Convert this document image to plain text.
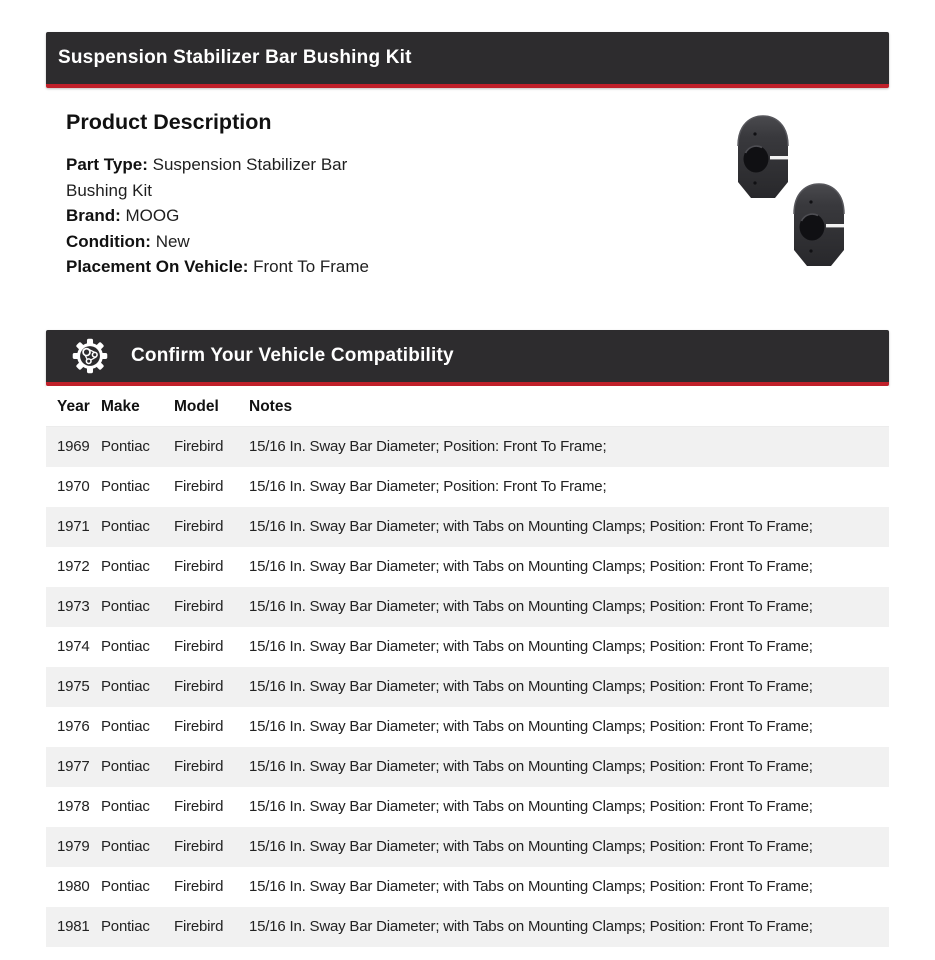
Suspension Stabilizer Bar Bushing Kit
Product Description
Part Type: Suspension Stabilizer Bar Bushing Kit
Brand: MOOG
Condition: New
Placement On Vehicle: Front To Frame
Confirm Your Vehicle Compatibility
Year	Make	Model	Notes
1969	Pontiac	Firebird	15/16 In. Sway Bar Diameter; Position: Front To Frame;
1970	Pontiac	Firebird	15/16 In. Sway Bar Diameter; Position: Front To Frame;
1971	Pontiac	Firebird	15/16 In. Sway Bar Diameter; with Tabs on Mounting Clamps; Position: Front To Frame;
1972	Pontiac	Firebird	15/16 In. Sway Bar Diameter; with Tabs on Mounting Clamps; Position: Front To Frame;
1973	Pontiac	Firebird	15/16 In. Sway Bar Diameter; with Tabs on Mounting Clamps; Position: Front To Frame;
1974	Pontiac	Firebird	15/16 In. Sway Bar Diameter; with Tabs on Mounting Clamps; Position: Front To Frame;
1975	Pontiac	Firebird	15/16 In. Sway Bar Diameter; with Tabs on Mounting Clamps; Position: Front To Frame;
1976	Pontiac	Firebird	15/16 In. Sway Bar Diameter; with Tabs on Mounting Clamps; Position: Front To Frame;
1977	Pontiac	Firebird	15/16 In. Sway Bar Diameter; with Tabs on Mounting Clamps; Position: Front To Frame;
1978	Pontiac	Firebird	15/16 In. Sway Bar Diameter; with Tabs on Mounting Clamps; Position: Front To Frame;
1979	Pontiac	Firebird	15/16 In. Sway Bar Diameter; with Tabs on Mounting Clamps; Position: Front To Frame;
1980	Pontiac	Firebird	15/16 In. Sway Bar Diameter; with Tabs on Mounting Clamps; Position: Front To Frame;
1981	Pontiac	Firebird	15/16 In. Sway Bar Diameter; with Tabs on Mounting Clamps; Position: Front To Frame;
